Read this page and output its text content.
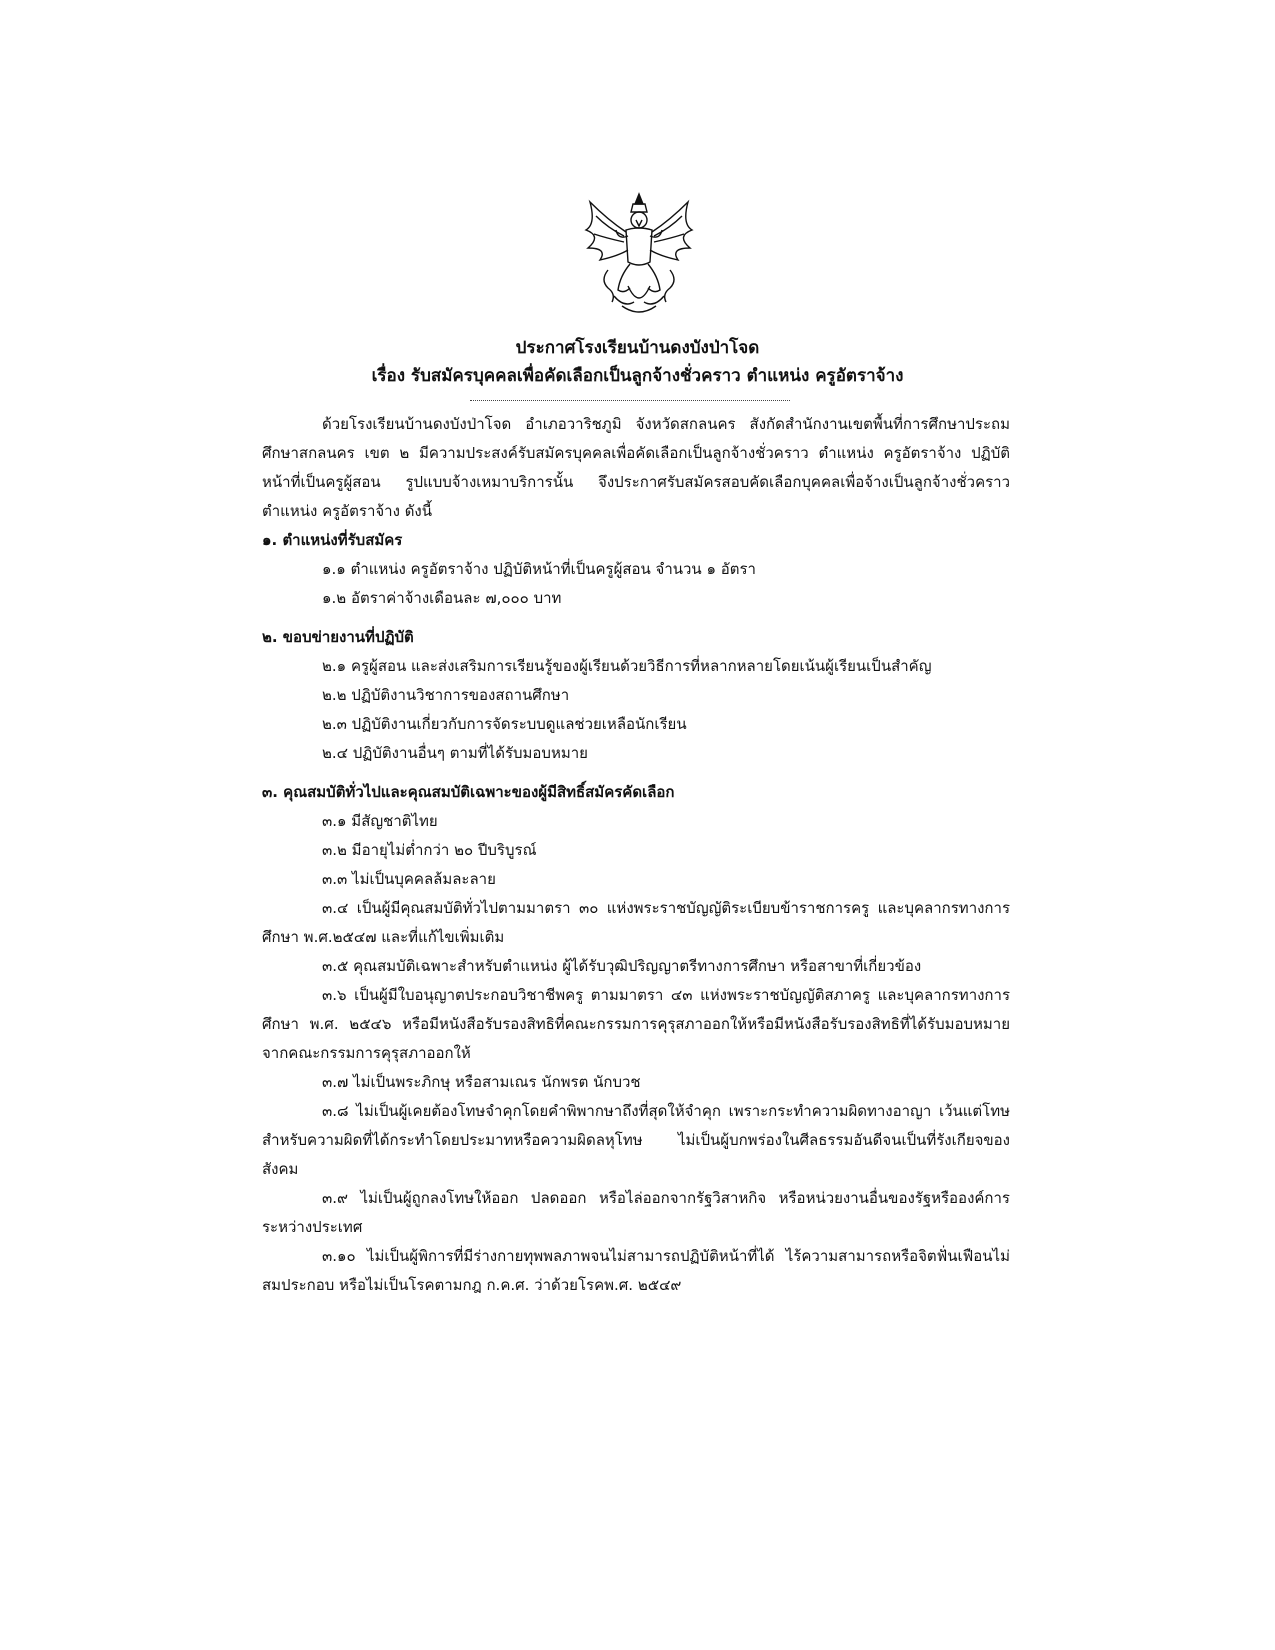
ประกาศโรงเรียนบ้านดงบังป่าโจด
เรื่อง รับสมัครบุคคลเพื่อคัดเลือกเป็นลูกจ้างชั่วคราว ตำแหน่ง ครูอัตราจ้าง

ด้วยโรงเรียนบ้านดงบังป่าโจด อำเภอวาริชภูมิ จังหวัดสกลนคร สังกัดสำนักงานเขตพื้นที่การศึกษาประถมศึกษาสกลนคร เขต ๒ มีความประสงค์รับสมัครบุคคลเพื่อคัดเลือกเป็นลูกจ้างชั่วคราว ตำแหน่ง ครูอัตราจ้าง ปฏิบัติหน้าที่เป็นครูผู้สอน รูปแบบจ้างเหมาบริการนั้น จึงประกาศรับสมัครสอบคัดเลือกบุคคลเพื่อจ้างเป็นลูกจ้างชั่วคราว ตำแหน่ง ครูอัตราจ้าง ดังนี้

๑. ตำแหน่งที่รับสมัคร

๑.๑ ตำแหน่ง ครูอัตราจ้าง ปฏิบัติหน้าที่เป็นครูผู้สอน จำนวน ๑ อัตรา

๑.๒ อัตราค่าจ้างเดือนละ ๗,๐๐๐ บาท

๒. ขอบข่ายงานที่ปฏิบัติ

๒.๑ ครูผู้สอน และส่งเสริมการเรียนรู้ของผู้เรียนด้วยวิธีการที่หลากหลายโดยเน้นผู้เรียนเป็นสำคัญ

๒.๒ ปฏิบัติงานวิชาการของสถานศึกษา

๒.๓ ปฏิบัติงานเกี่ยวกับการจัดระบบดูแลช่วยเหลือนักเรียน

๒.๔ ปฏิบัติงานอื่นๆ ตามที่ได้รับมอบหมาย

๓. คุณสมบัติทั่วไปและคุณสมบัติเฉพาะของผู้มีสิทธิ์สมัครคัดเลือก

๓.๑ มีสัญชาติไทย

๓.๒ มีอายุไม่ต่ำกว่า ๒๐ ปีบริบูรณ์

๓.๓ ไม่เป็นบุคคลล้มละลาย

๓.๔ เป็นผู้มีคุณสมบัติทั่วไปตามมาตรา ๓๐ แห่งพระราชบัญญัติระเบียบข้าราชการครู และบุคลากรทางการศึกษา พ.ศ.๒๕๔๗ และที่แก้ไขเพิ่มเติม

๓.๕ คุณสมบัติเฉพาะสำหรับตำแหน่ง ผู้ได้รับวุฒิปริญญาตรีทางการศึกษา หรือสาขาที่เกี่ยวข้อง

๓.๖ เป็นผู้มีใบอนุญาตประกอบวิชาชีพครู ตามมาตรา ๔๓ แห่งพระราชบัญญัติสภาครู และบุคลากรทางการศึกษา พ.ศ. ๒๕๔๖ หรือมีหนังสือรับรองสิทธิที่คณะกรรมการคุรุสภาออกให้หรือมีหนังสือรับรองสิทธิที่ได้รับมอบหมายจากคณะกรรมการคุรุสภาออกให้

๓.๗ ไม่เป็นพระภิกษุ หรือสามเณร นักพรต นักบวช

๓.๘ ไม่เป็นผู้เคยต้องโทษจำคุกโดยคำพิพากษาถึงที่สุดให้จำคุก เพราะกระทำความผิดทางอาญา เว้นแต่โทษสำหรับความผิดที่ได้กระทำโดยประมาทหรือความผิดลหุโทษ ไม่เป็นผู้บกพร่องในศีลธรรมอันดีจนเป็นที่รังเกียจของสังคม

๓.๙ ไม่เป็นผู้ถูกลงโทษให้ออก ปลดออก หรือไล่ออกจากรัฐวิสาหกิจ หรือหน่วยงานอื่นของรัฐหรือองค์การระหว่างประเทศ

๓.๑๐ ไม่เป็นผู้พิการที่มีร่างกายทุพพลภาพจนไม่สามารถปฏิบัติหน้าที่ได้ ไร้ความสามารถหรือจิตฟั่นเฟือนไม่สมประกอบ หรือไม่เป็นโรคตามกฎ ก.ค.ศ. ว่าด้วยโรคพ.ศ. ๒๕๔๙
